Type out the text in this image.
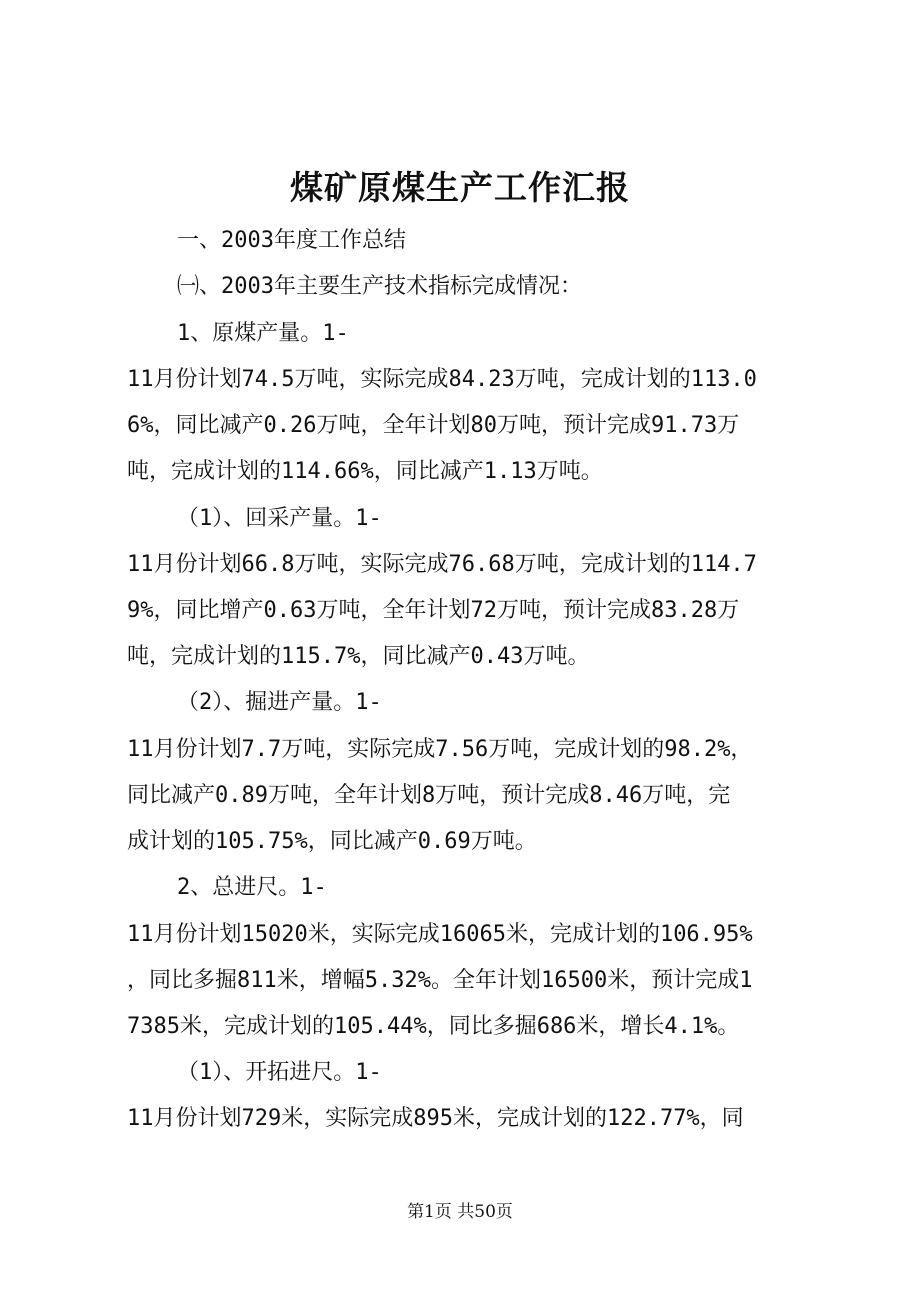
煤矿原煤生产工作汇报
一、2003年度工作总结
㈠、2003年主要生产技术指标完成情况：
1、原煤产量。1-
11月份计划74.5万吨，实际完成84.23万吨，完成计划的113.0
6%，同比减产0.26万吨，全年计划80万吨，预计完成91.73万
吨，完成计划的114.66%，同比减产1.13万吨。
（1）、回采产量。1-
11月份计划66.8万吨，实际完成76.68万吨，完成计划的114.7
9%，同比增产0.63万吨，全年计划72万吨，预计完成83.28万
吨，完成计划的115.7%，同比减产0.43万吨。
（2）、掘进产量。1-
11月份计划7.7万吨，实际完成7.56万吨，完成计划的98.2%，
同比减产0.89万吨，全年计划8万吨，预计完成8.46万吨，完
成计划的105.75%，同比减产0.69万吨。
2、总进尺。1-
11月份计划15020米，实际完成16065米，完成计划的106.95%
，同比多掘811米，增幅5.32%。全年计划16500米，预计完成1
7385米，完成计划的105.44%，同比多掘686米，增长4.1%。
（1）、开拓进尺。1-
11月份计划729米，实际完成895米，完成计划的122.77%，同
第1页 共50页
